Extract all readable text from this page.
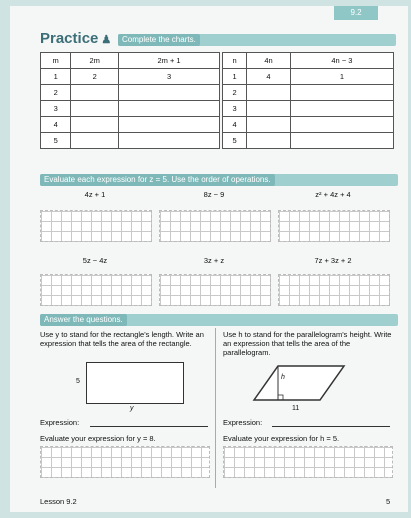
9.2
Practice ♟	Complete the charts.
m	2m	2m + 1
1	2	3
2		
3		
4		
5		
n	4n	4n − 3
1	4	1
2		
3		
4		
5		
Evaluate each expression for z = 5. Use the order of operations.
4z + 1	8z − 9	z² + 4z + 4
5z − 4z	3z + z	7z + 3z + 2
Answer the questions.
Use y to stand for the rectangle's length. Write an expression that tells the area of the rectangle.
5
y
Expression:
Evaluate your expression for y = 8.
Use h to stand for the parallelogram's height. Write an expression that tells the area of the parallelogram.
h
11
Expression:
Evaluate your expression for h = 5.
Lesson 9.2	5
